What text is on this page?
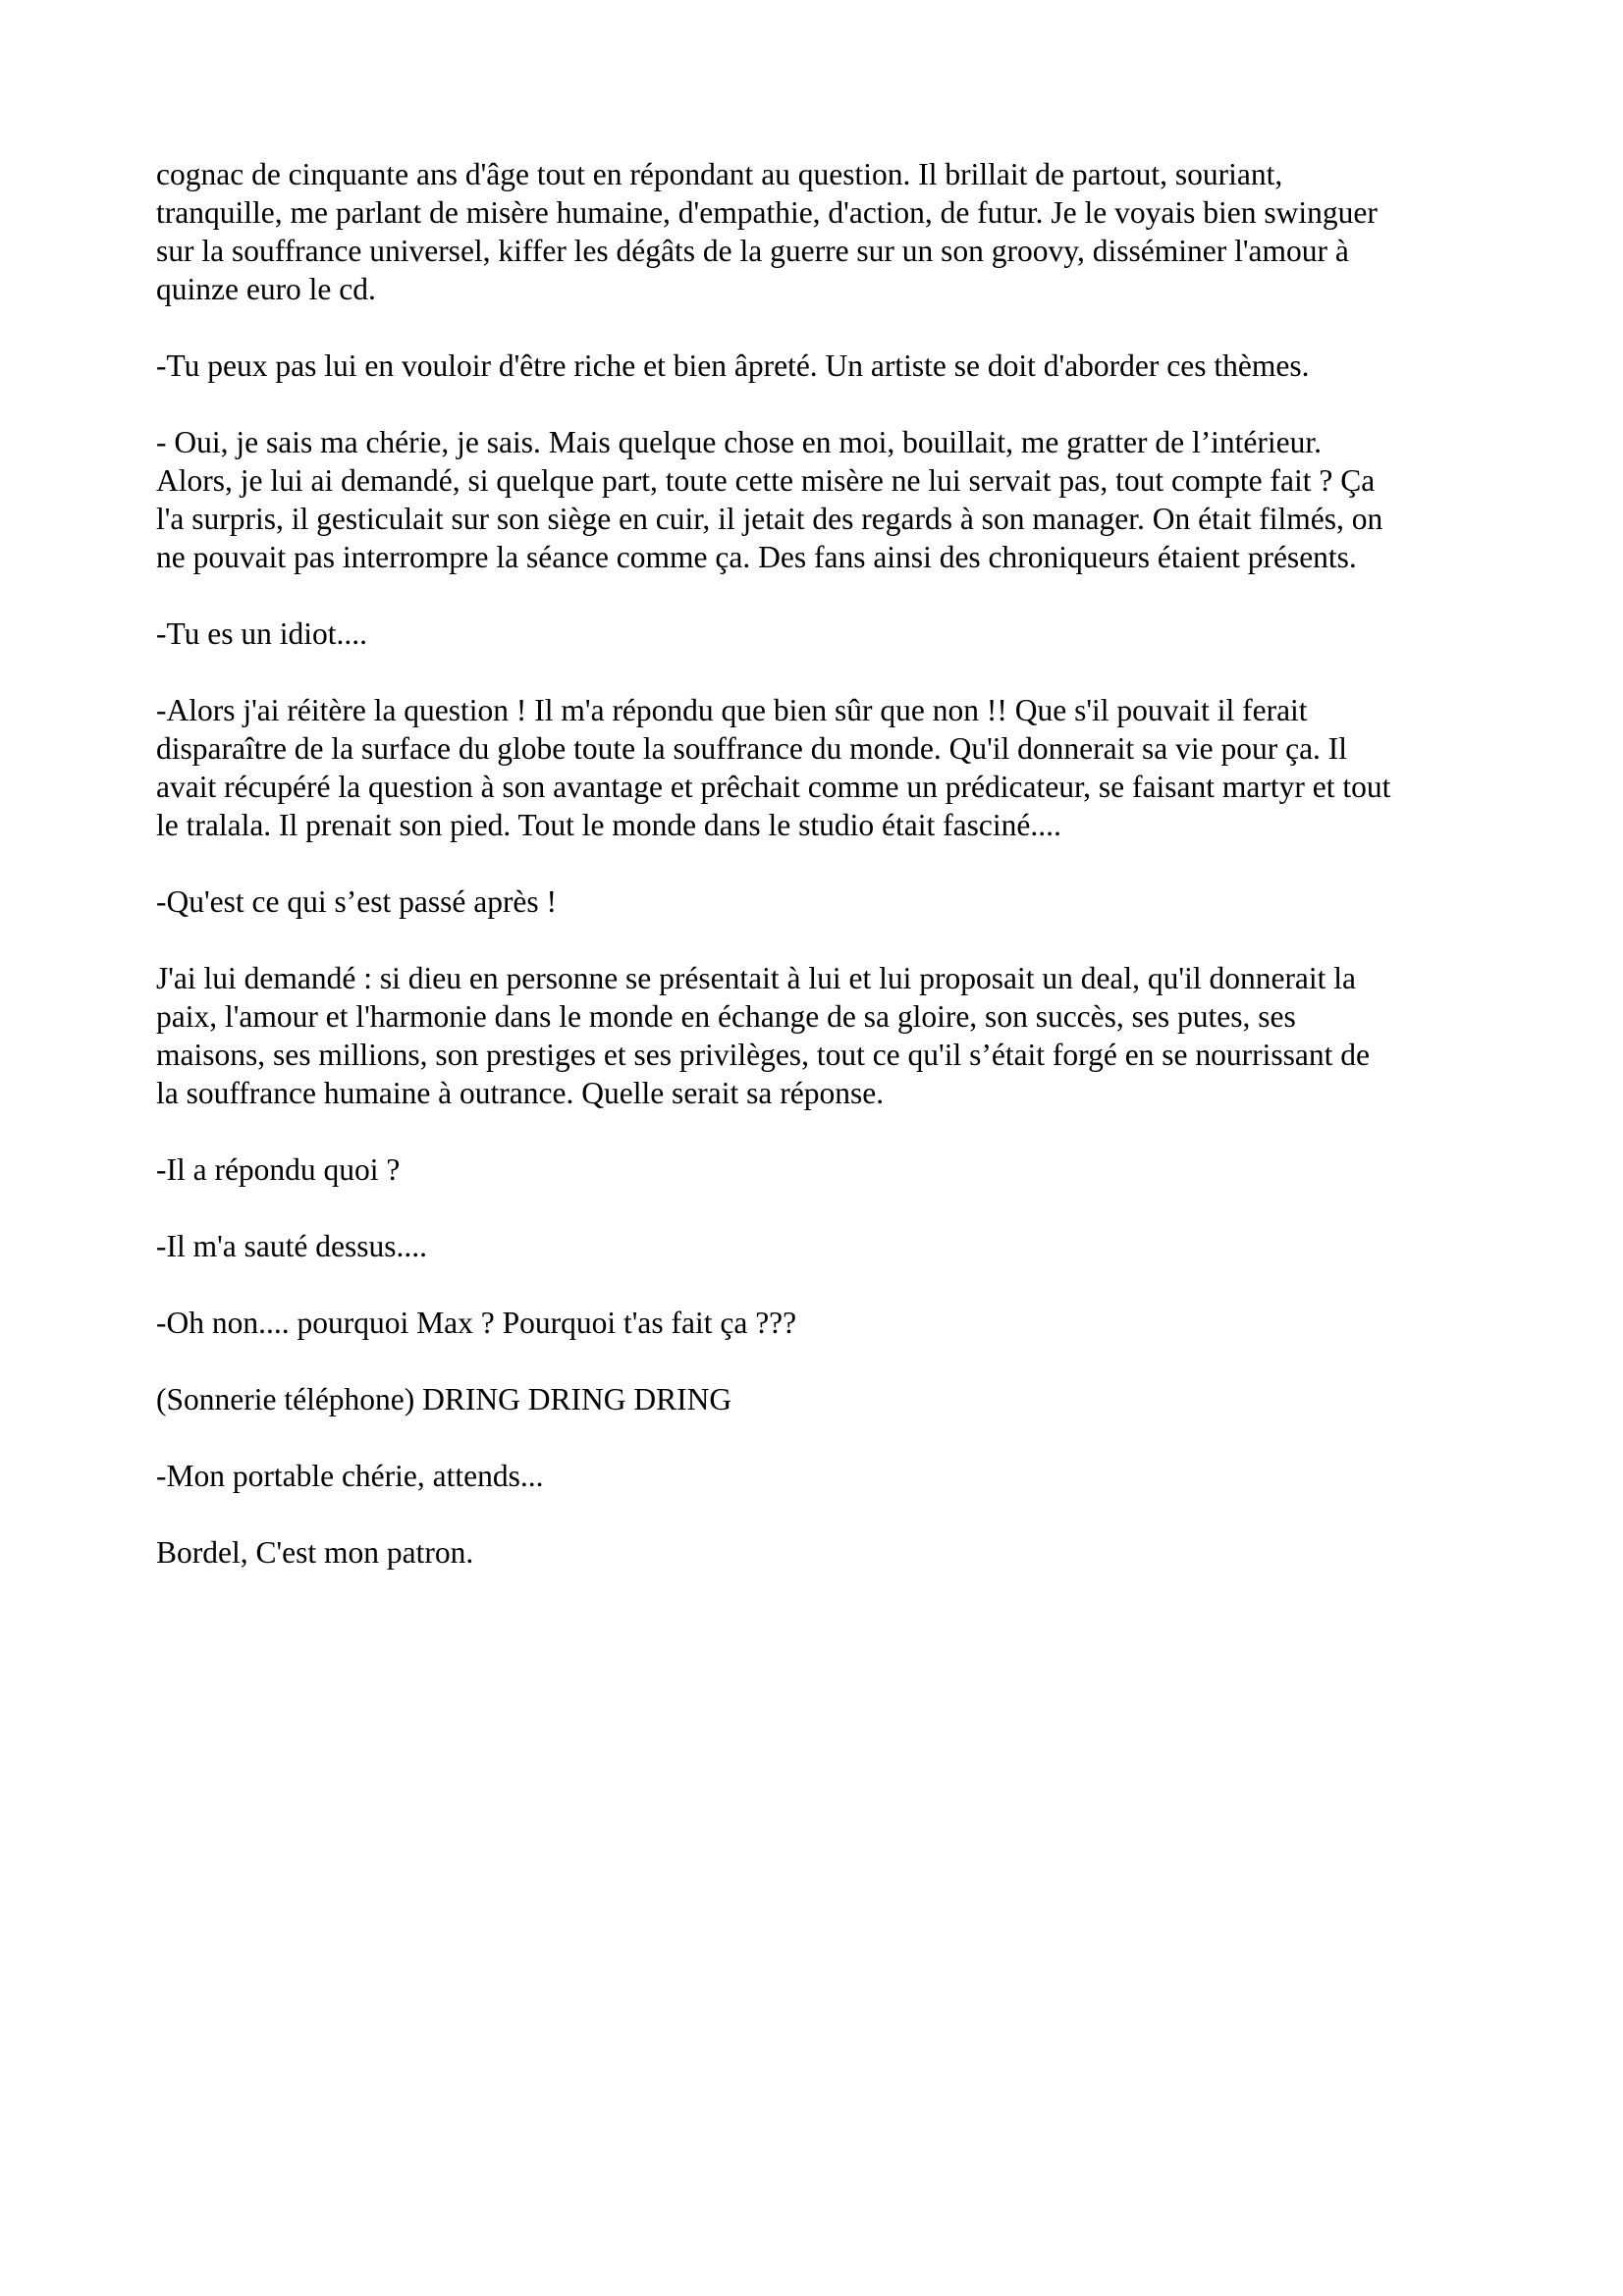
cognac de cinquante ans d'âge tout en répondant au question. Il brillait de partout, souriant,
tranquille, me parlant de misère humaine, d'empathie, d'action, de futur. Je le voyais bien swinguer
sur la souffrance universel, kiffer les dégâts de la guerre sur un son groovy, disséminer l'amour à
quinze euro le cd.

-Tu peux pas lui en vouloir d'être riche et bien âpreté. Un artiste se doit d'aborder ces thèmes.

- Oui, je sais ma chérie, je sais. Mais quelque chose en moi, bouillait, me gratter de l’intérieur.
Alors, je lui ai demandé, si quelque part, toute cette misère ne lui servait pas, tout compte fait ? Ça
l'a surpris, il gesticulait sur son siège en cuir, il jetait des regards à son manager. On était filmés, on
ne pouvait pas interrompre la séance comme ça. Des fans ainsi des chroniqueurs étaient présents.

-Tu es un idiot....

-Alors j'ai réitère la question ! Il m'a répondu que bien sûr que non !! Que s'il pouvait il ferait
disparaître de la surface du globe toute la souffrance du monde. Qu'il donnerait sa vie pour ça. Il
avait récupéré la question à son avantage et prêchait comme un prédicateur, se faisant martyr et tout
le tralala. Il prenait son pied. Tout le monde dans le studio était fasciné....

-Qu'est ce qui s’est passé après !

J'ai lui demandé : si dieu en personne se présentait à lui et lui proposait un deal, qu'il donnerait la
paix, l'amour et l'harmonie dans le monde en échange de sa gloire, son succès, ses putes, ses
maisons, ses millions, son prestiges et ses privilèges, tout ce qu'il s’était forgé en se nourrissant de
la souffrance humaine à outrance. Quelle serait sa réponse.

-Il a répondu quoi ?

-Il m'a sauté dessus....

-Oh non.... pourquoi Max ? Pourquoi t'as fait ça ???

(Sonnerie téléphone) DRING DRING DRING

-Mon portable chérie, attends...

Bordel, C'est mon patron.
